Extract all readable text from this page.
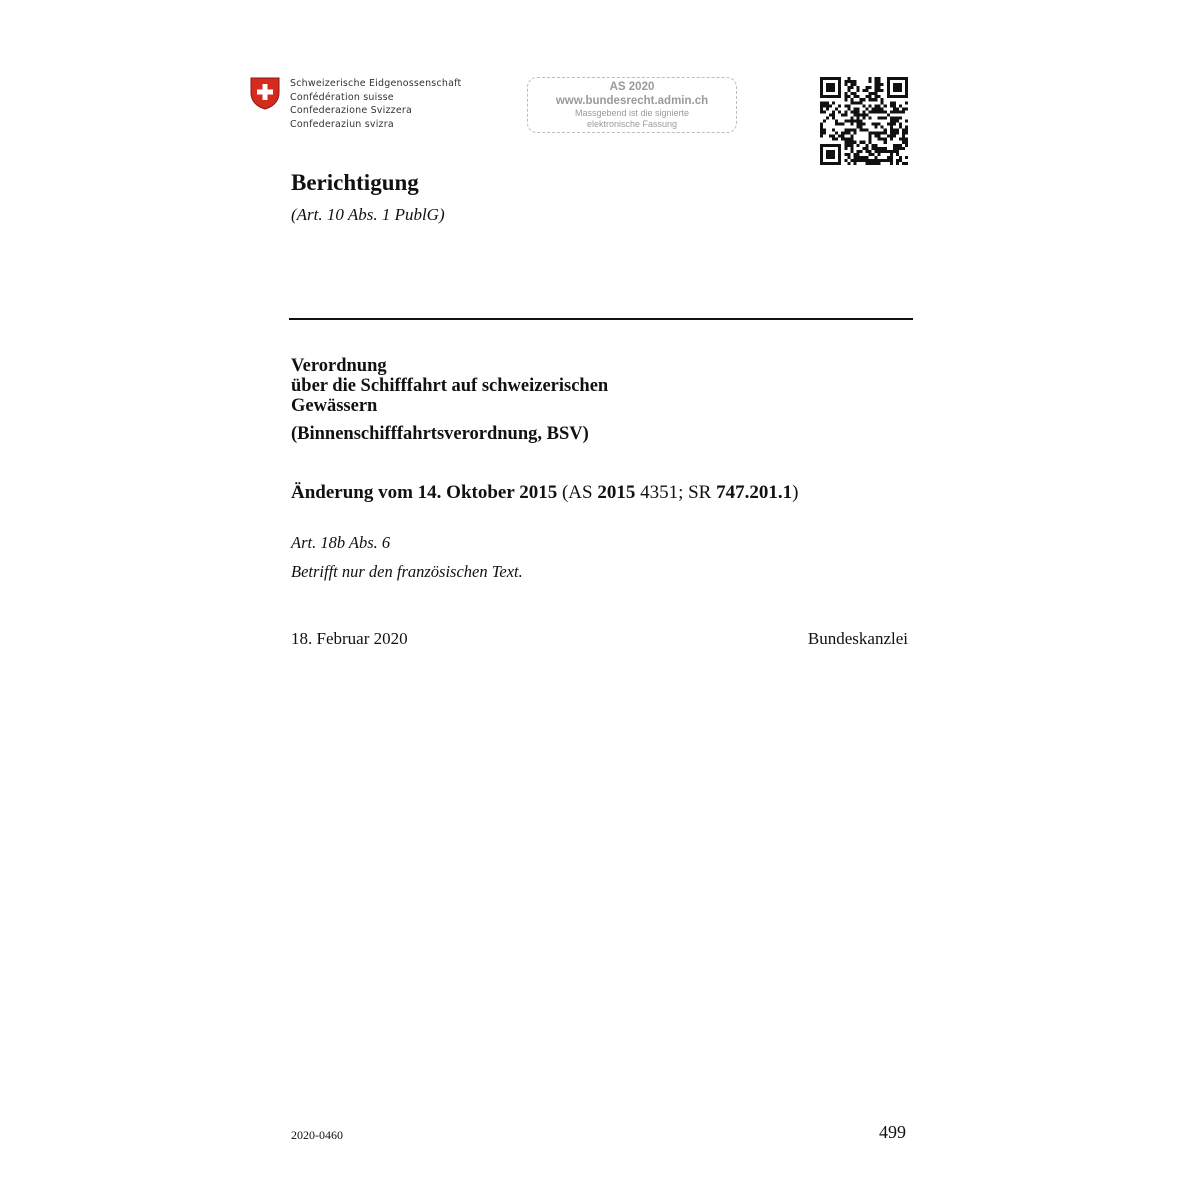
Schweizerische Eidgenossenschaft
Confédération suisse
Confederazione Svizzera
Confederaziun svizra
AS 2020
www.bundesrecht.admin.ch
Massgebend ist die signierte
elektronische Fassung
Berichtigung
(Art. 10 Abs. 1 PublG)
Verordnung
über die Schifffahrt auf schweizerischen
Gewässern
(Binnenschifffahrtsverordnung, BSV)
Änderung vom 14. Oktober 2015 (AS 2015 4351; SR 747.201.1)
Art. 18b Abs. 6
Betrifft nur den französischen Text.
18. Februar 2020	Bundeskanzlei
2020-0460	499
